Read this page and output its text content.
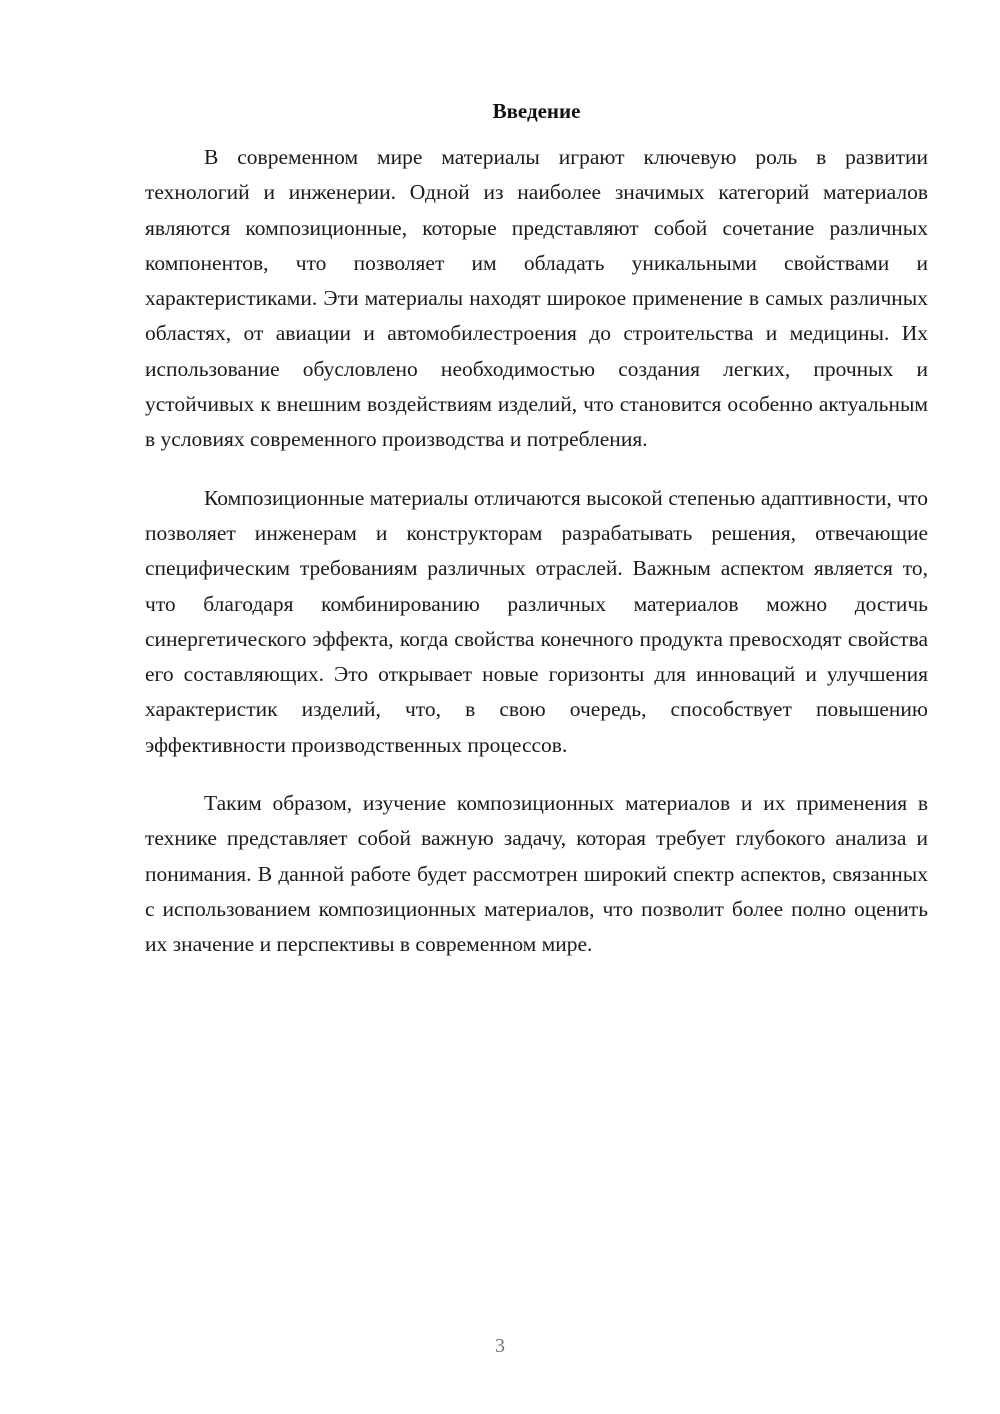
Введение

В современном мире материалы играют ключевую роль в развитии технологий и инженерии. Одной из наиболее значимых категорий материалов являются композиционные, которые представляют собой сочетание различных компонентов, что позволяет им обладать уникальными свойствами и характеристиками. Эти материалы находят широкое применение в самых различных областях, от авиации и автомобилестроения до строительства и медицины. Их использование обусловлено необходимостью создания легких, прочных и устойчивых к внешним воздействиям изделий, что становится особенно актуальным в условиях современного производства и потребления.

Композиционные материалы отличаются высокой степенью адаптивности, что позволяет инженерам и конструкторам разрабатывать решения, отвечающие специфическим требованиям различных отраслей. Важным аспектом является то, что благодаря комбинированию различных материалов можно достичь синергетического эффекта, когда свойства конечного продукта превосходят свойства его составляющих. Это открывает новые горизонты для инноваций и улучшения характеристик изделий, что, в свою очередь, способствует повышению эффективности производственных процессов.

Таким образом, изучение композиционных материалов и их применения в технике представляет собой важную задачу, которая требует глубокого анализа и понимания. В данной работе будет рассмотрен широкий спектр аспектов, связанных с использованием композиционных материалов, что позволит более полно оценить их значение и перспективы в современном мире.

3
